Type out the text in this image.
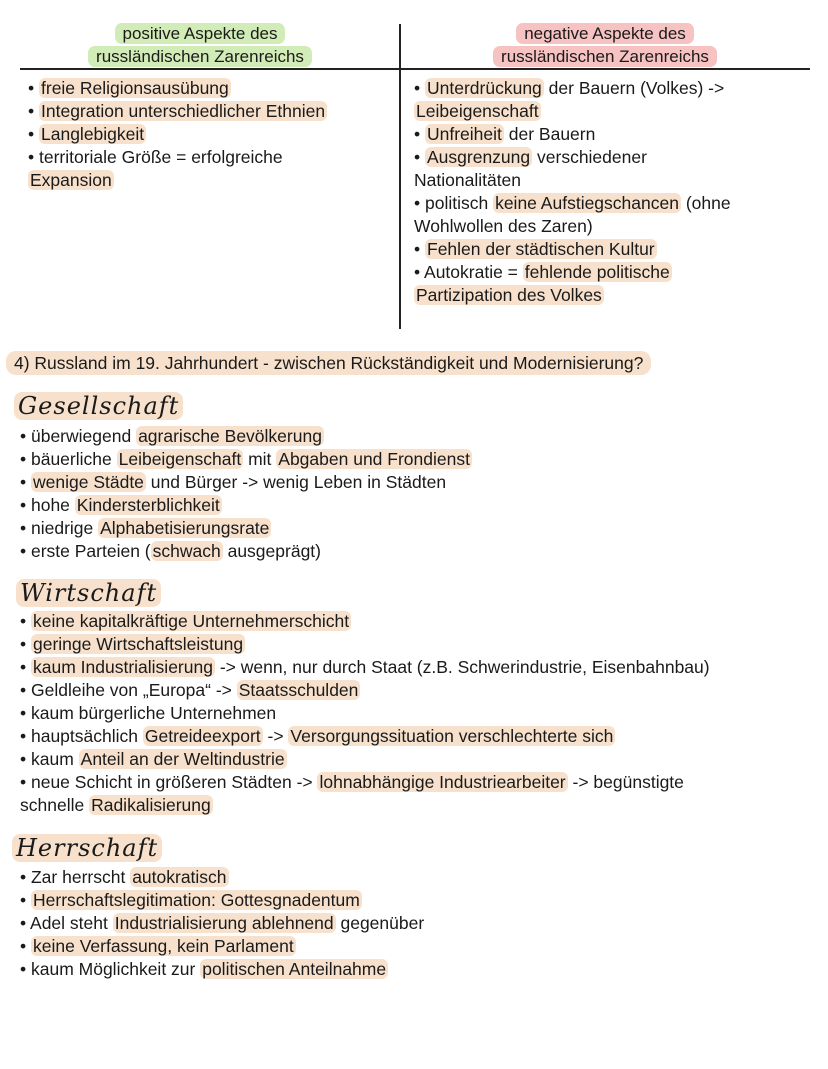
positive Aspekte des
russländischen Zarenreichs
negative Aspekte des
russländischen Zarenreichs

• freie Religionsausübung

• Integration unterschiedlicher Ethnien

• Langlebigkeit

• territoriale Größe = erfolgreiche

Expansion

• Unterdrückung der Bauern (Volkes) ->

Leibeigenschaft

• Unfreiheit der Bauern

• Ausgrenzung verschiedener

Nationalitäten

• politisch keine Aufstiegschancen (ohne

Wohlwollen des Zaren)

• Fehlen der städtischen Kultur

• Autokratie = fehlende politische

Partizipation des Volkes

4) Russland im 19. Jahrhundert - zwischen Rückständigkeit und Modernisierung?
Gesellschaft

• überwiegend agrarische Bevölkerung

• bäuerliche Leibeigenschaft mit Abgaben und Frondienst

• wenige Städte und Bürger -> wenig Leben in Städten

• hohe Kindersterblichkeit

• niedrige Alphabetisierungsrate

• erste Parteien ( schwach ausgeprägt)

Wirtschaft

• keine kapitalkräftige Unternehmerschicht

• geringe Wirtschaftsleistung

• kaum Industrialisierung -> wenn, nur durch Staat (z.B. Schwerindustrie, Eisenbahnbau)

• Geldleihe von „Europa“ -> Staatsschulden

• kaum bürgerliche Unternehmen

• hauptsächlich Getreideexport -> Versorgungssituation verschlechterte sich

• kaum Anteil an der Weltindustrie

• neue Schicht in größeren Städten -> lohnabhängige Industriearbeiter -> begünstigte

schnelle Radikalisierung

Herrschaft

• Zar herrscht autokratisch

• Herrschaftslegitimation: Gottesgnadentum

• Adel steht Industrialisierung ablehnend gegenüber

• keine Verfassung, kein Parlament

• kaum Möglichkeit zur politischen Anteilnahme
